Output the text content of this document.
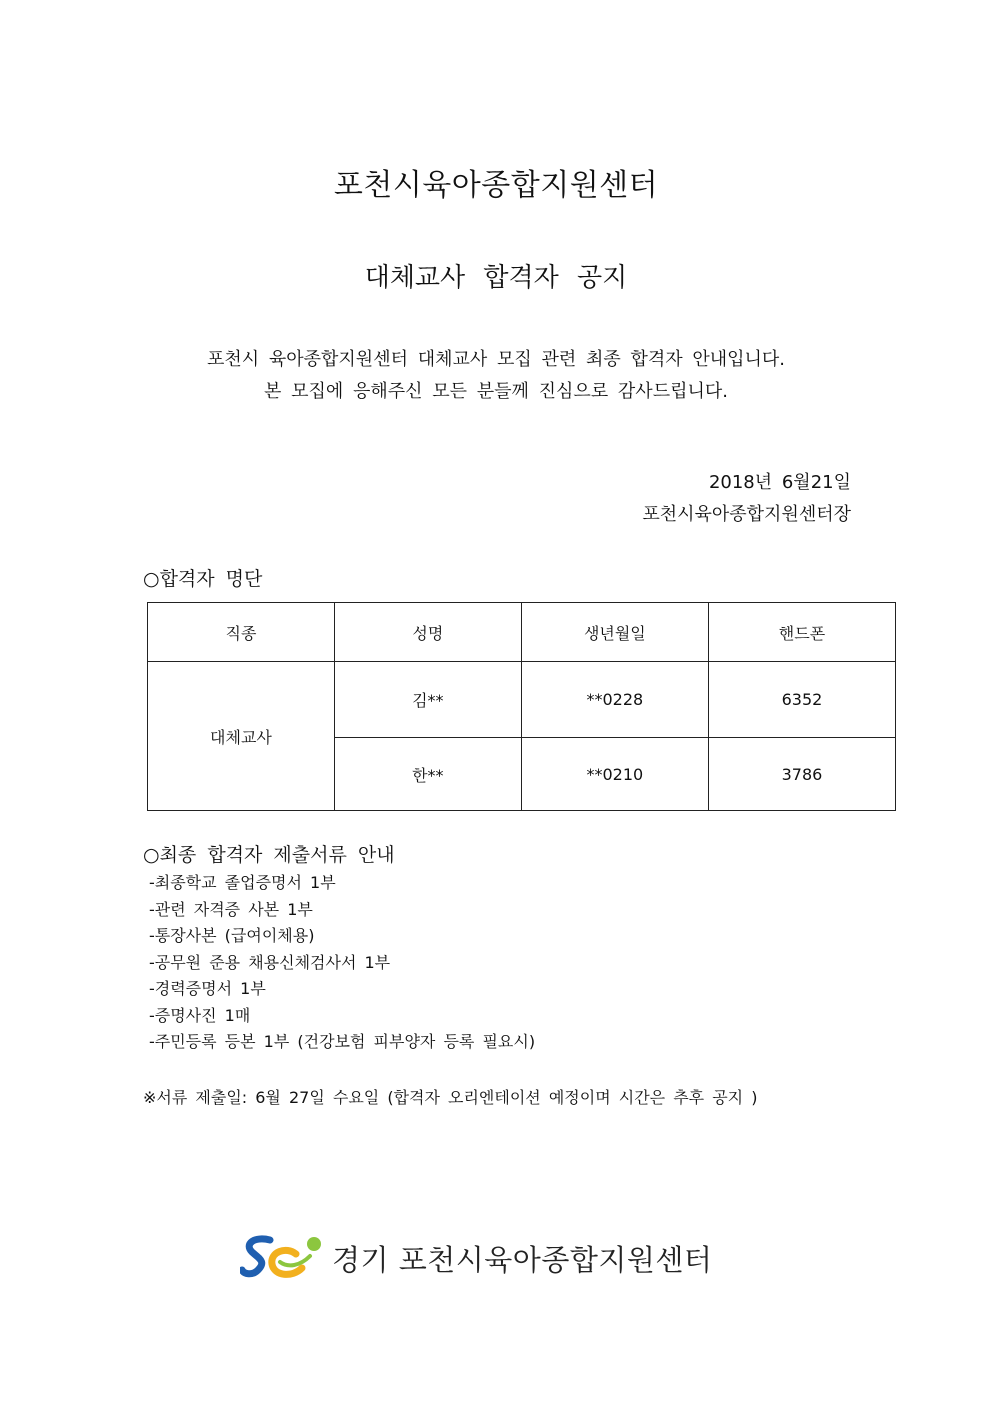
포천시육아종합지원센터
대체교사 합격자 공지
포천시 육아종합지원센터 대체교사 모집 관련 최종 합격자 안내입니다.
본 모집에 응해주신 모든 분들께 진심으로 감사드립니다.
2018년 6월21일
포천시육아종합지원센터장
○합격자 명단
직종	성명	생년월일	핸드폰
대체교사	김**	**0228	6352
	한**	**0210	3786
○최종 합격자 제출서류 안내
-최종학교 졸업증명서 1부
-관련 자격증 사본 1부
-통장사본 (급여이체용)
-공무원 준용 채용신체검사서 1부
-경력증명서 1부
-증명사진 1매
-주민등록 등본 1부 (건강보험 피부양자 등록 필요시)
※서류 제출일: 6월 27일 수요일 (합격자 오리엔테이션 예정이며 시간은 추후 공지 )
경기 포천시육아종합지원센터
